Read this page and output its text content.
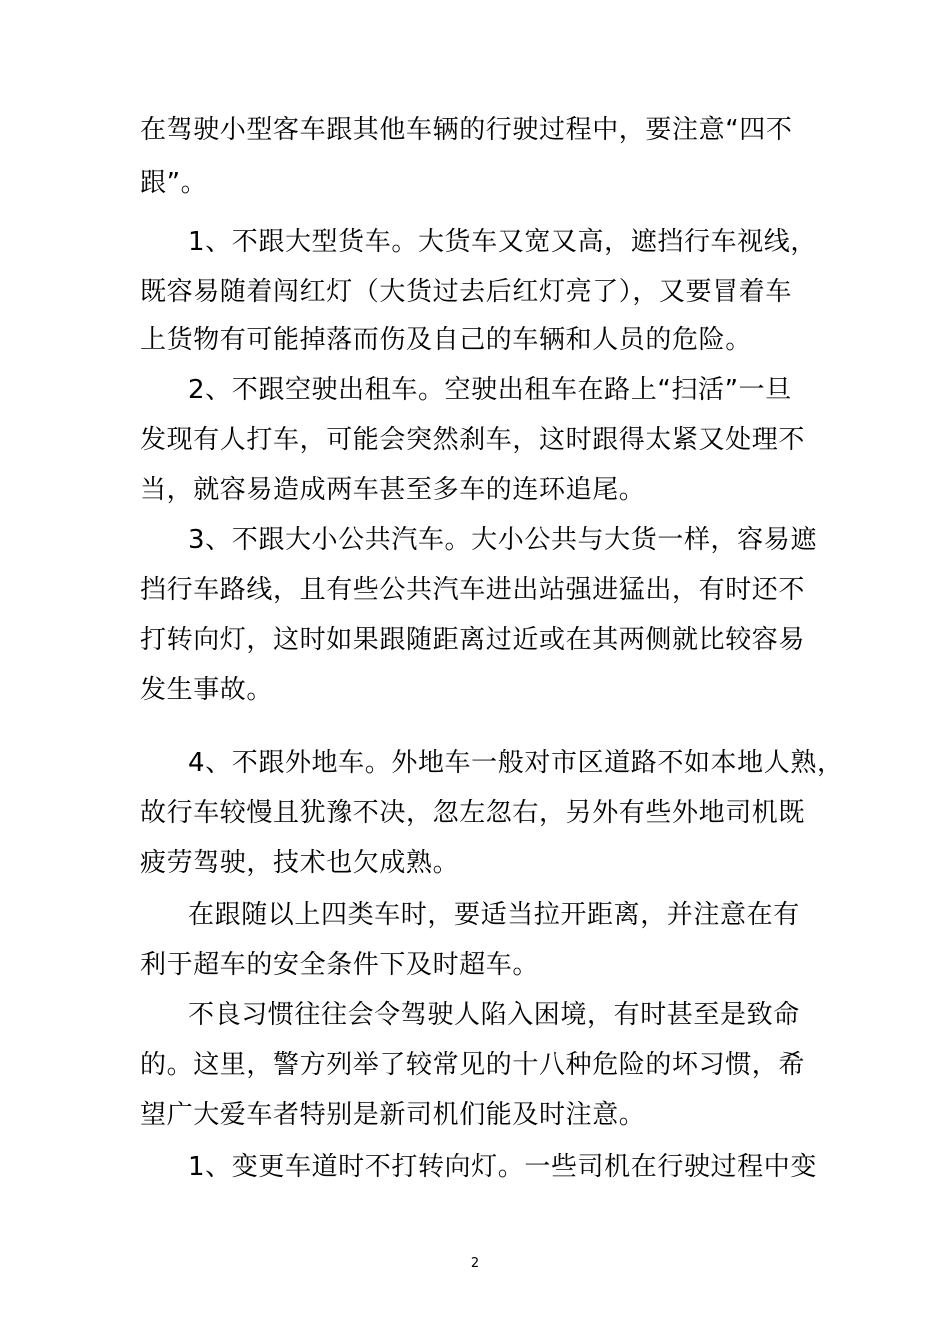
在驾驶小型客车跟其他车辆的行驶过程中，要注意“四不
跟”。
1、不跟大型货车。大货车又宽又高，遮挡行车视线，
既容易随着闯红灯（大货过去后红灯亮了），又要冒着车
上货物有可能掉落而伤及自己的车辆和人员的危险。
2、不跟空驶出租车。空驶出租车在路上“扫活”一旦
发现有人打车，可能会突然刹车，这时跟得太紧又处理不
当，就容易造成两车甚至多车的连环追尾。
3、不跟大小公共汽车。大小公共与大货一样，容易遮
挡行车路线，且有些公共汽车进出站强进猛出，有时还不
打转向灯，这时如果跟随距离过近或在其两侧就比较容易
发生事故。
4、不跟外地车。外地车一般对市区道路不如本地人熟，
故行车较慢且犹豫不决，忽左忽右，另外有些外地司机既
疲劳驾驶，技术也欠成熟。
在跟随以上四类车时，要适当拉开距离，并注意在有
利于超车的安全条件下及时超车。
不良习惯往往会令驾驶人陷入困境，有时甚至是致命
的。这里，警方列举了较常见的十八种危险的坏习惯，希
望广大爱车者特别是新司机们能及时注意。
1、变更车道时不打转向灯。一些司机在行驶过程中变
2
